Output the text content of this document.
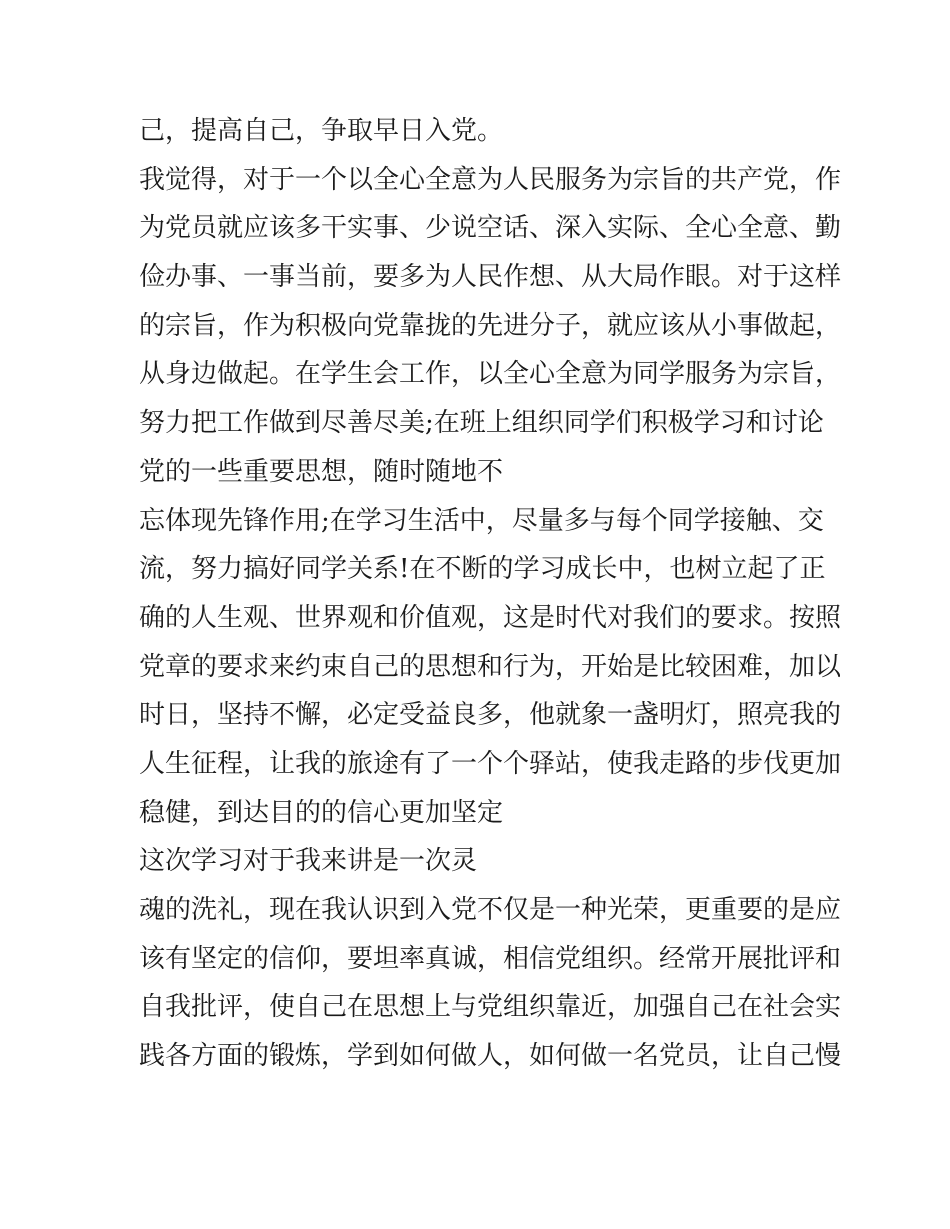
己，提高自己，争取早日入党。
我觉得，对于一个以全心全意为人民服务为宗旨的共产党，作
为党员就应该多干实事、少说空话、深入实际、全心全意、勤
俭办事、一事当前，要多为人民作想、从大局作眼。对于这样
的宗旨，作为积极向党靠拢的先进分子，就应该从小事做起，
从身边做起。在学生会工作，以全心全意为同学服务为宗旨，
努力把工作做到尽善尽美;在班上组织同学们积极学习和讨论
党的一些重要思想，随时随地不
忘体现先锋作用;在学习生活中，尽量多与每个同学接触、交
流，努力搞好同学关系!在不断的学习成长中，也树立起了正
确的人生观、世界观和价值观，这是时代对我们的要求。按照
党章的要求来约束自己的思想和行为，开始是比较困难，加以
时日，坚持不懈，必定受益良多，他就象一盏明灯，照亮我的
人生征程，让我的旅途有了一个个驿站，使我走路的步伐更加
稳健，到达目的的信心更加坚定
这次学习对于我来讲是一次灵
魂的洗礼，现在我认识到入党不仅是一种光荣，更重要的是应
该有坚定的信仰，要坦率真诚，相信党组织。经常开展批评和
自我批评，使自己在思想上与党组织靠近，加强自己在社会实
践各方面的锻炼，学到如何做人，如何做一名党员，让自己慢
